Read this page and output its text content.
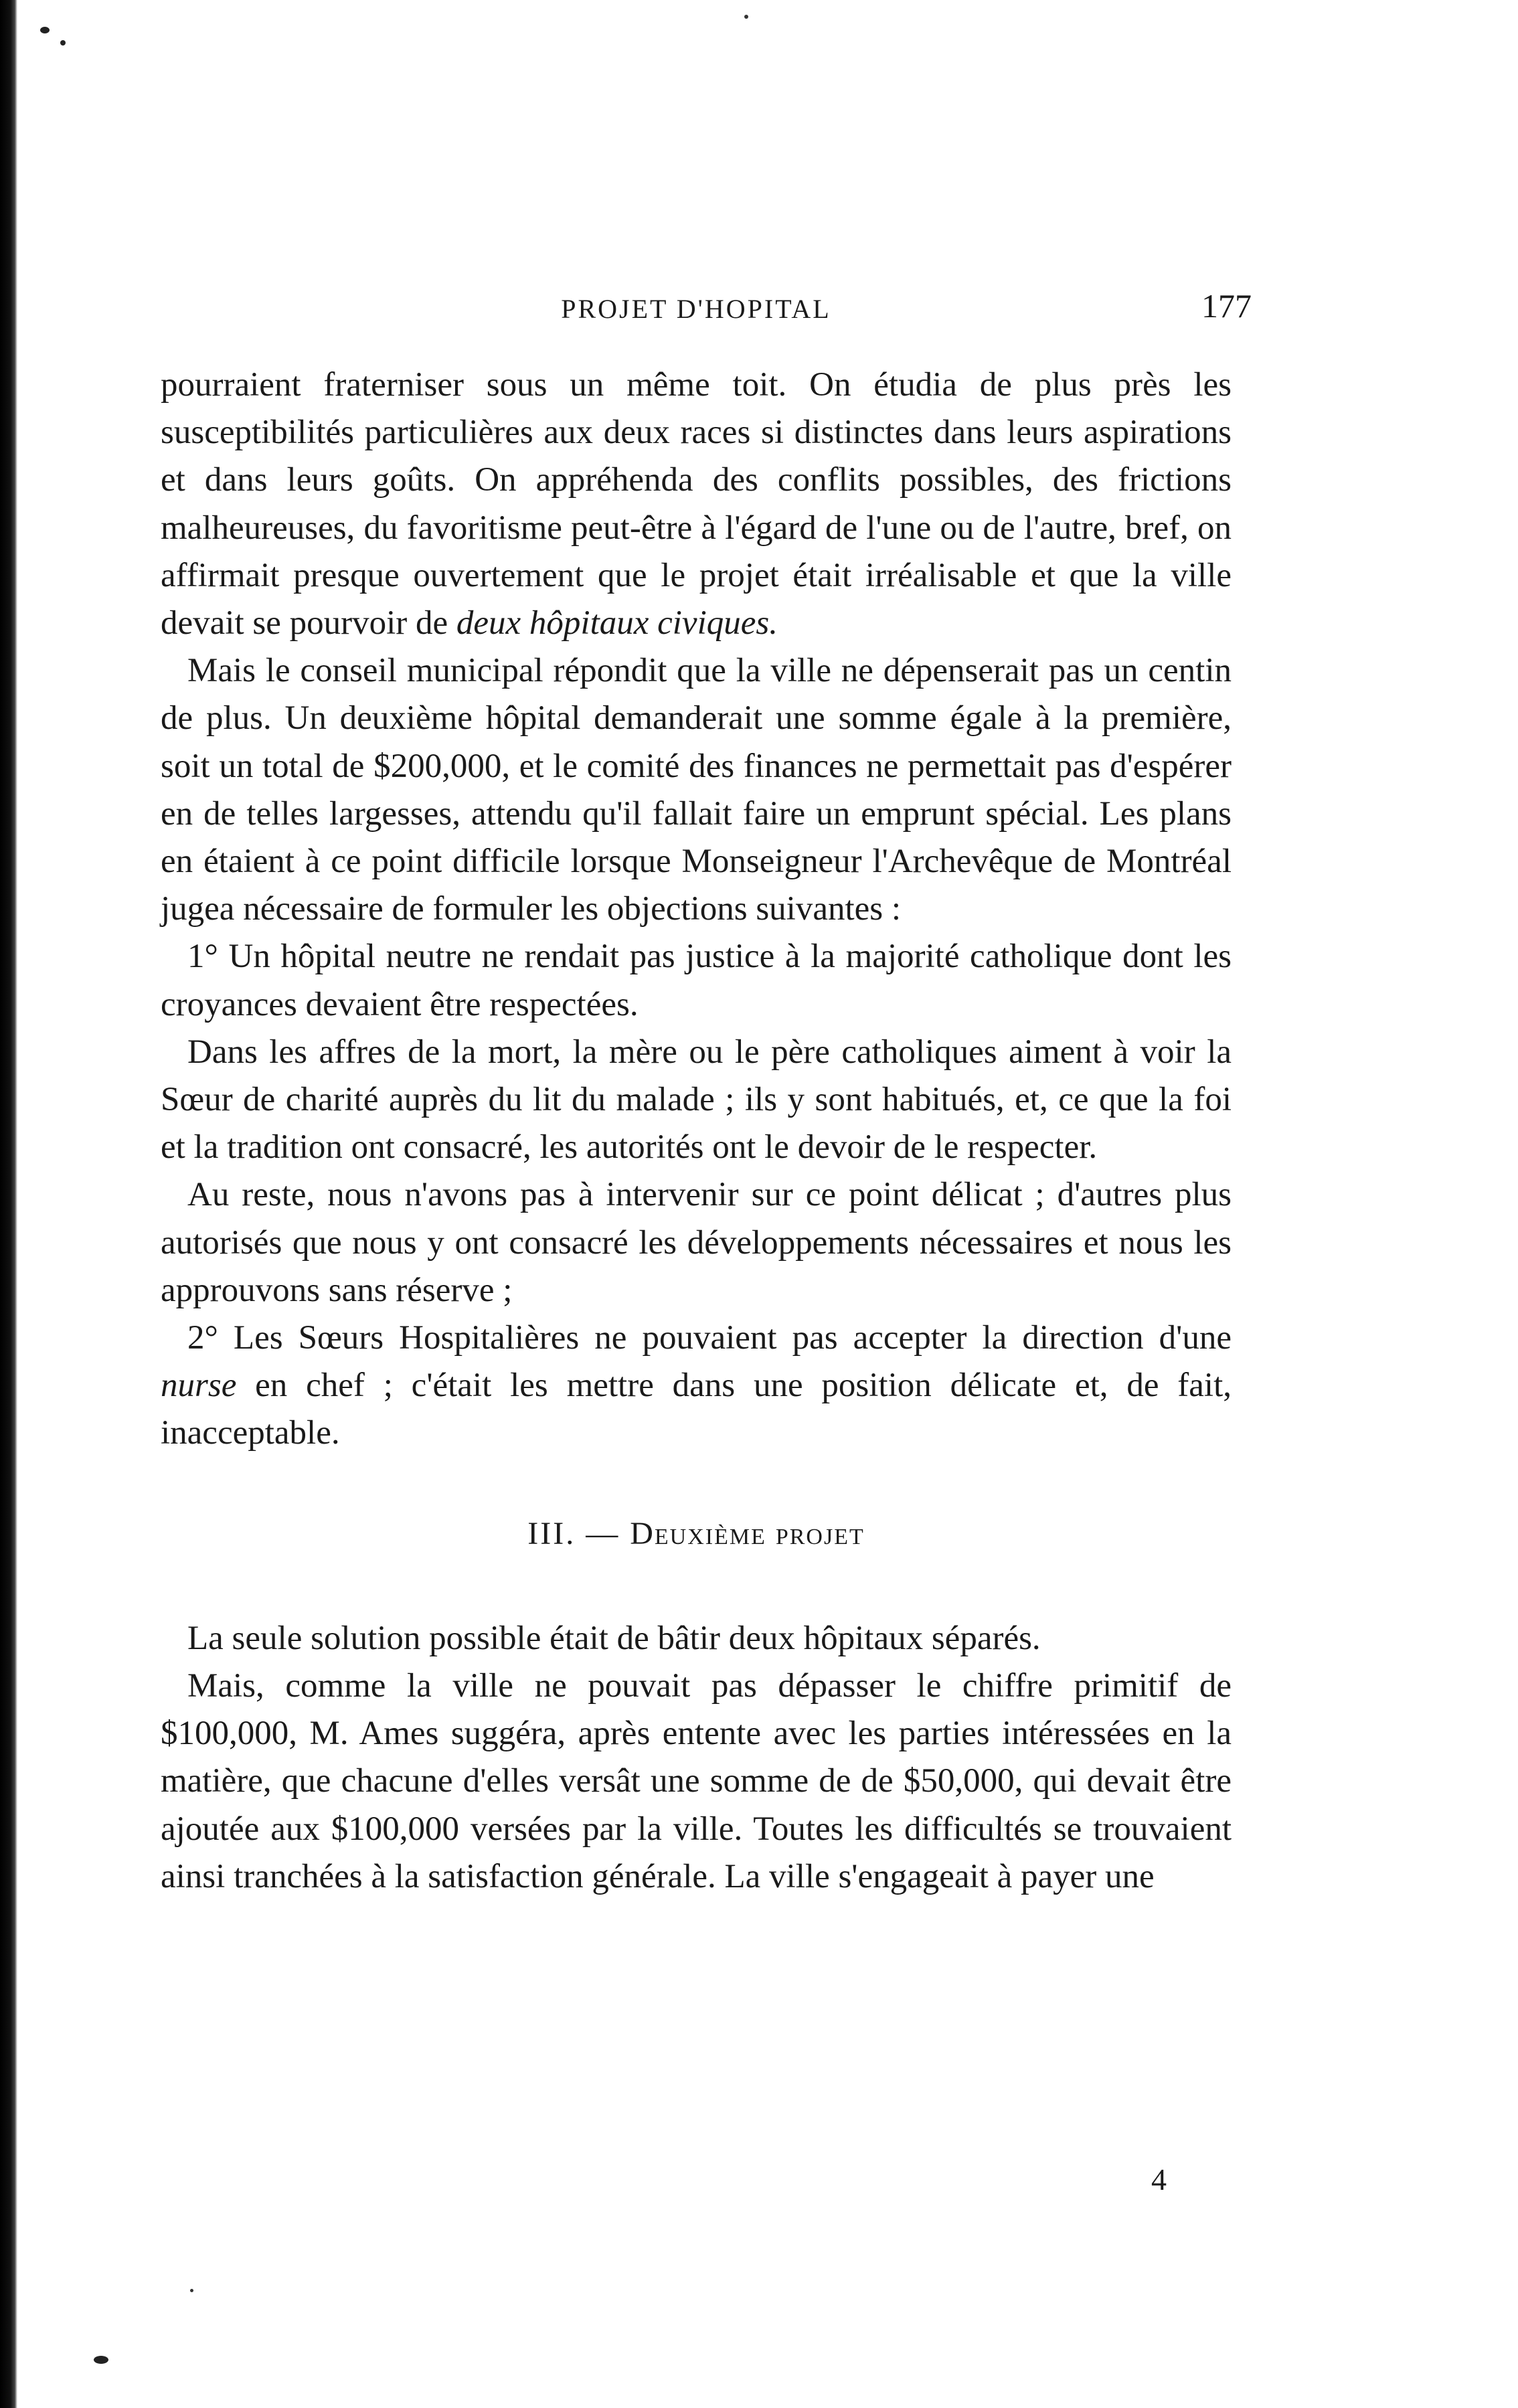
PROJET D'HOPITAL	177

pourraient fraterniser sous un même toit. On étudia de plus près les susceptibilités particulières aux deux races si distinctes dans leurs aspirations et dans leurs goûts. On appréhenda des conflits possibles, des frictions malheureuses, du favoritisme peut-être à l'égard de l'une ou de l'autre, bref, on affirmait presque ouvertement que le projet était irréalisable et que la ville devait se pourvoir de deux hôpitaux civiques.

Mais le conseil municipal répondit que la ville ne dépenserait pas un centin de plus. Un deuxième hôpital demanderait une somme égale à la première, soit un total de $200,000, et le comité des finances ne permettait pas d'espérer en de telles largesses, attendu qu'il fallait faire un emprunt spécial. Les plans en étaient à ce point difficile lorsque Monseigneur l'Archevêque de Montréal jugea nécessaire de formuler les objections suivantes :

1° Un hôpital neutre ne rendait pas justice à la majorité catholique dont les croyances devaient être respectées.

Dans les affres de la mort, la mère ou le père catholiques aiment à voir la Sœur de charité auprès du lit du malade ; ils y sont habitués, et, ce que la foi et la tradition ont consacré, les autorités ont le devoir de le respecter.

Au reste, nous n'avons pas à intervenir sur ce point délicat ; d'autres plus autorisés que nous y ont consacré les développements nécessaires et nous les approuvons sans réserve ;

2° Les Sœurs Hospitalières ne pouvaient pas accepter la direction d'une nurse en chef ; c'était les mettre dans une position délicate et, de fait, inacceptable.

III. — Deuxième projet

La seule solution possible était de bâtir deux hôpitaux séparés.

Mais, comme la ville ne pouvait pas dépasser le chiffre primitif de $100,000, M. Ames suggéra, après entente avec les parties intéressées en la matière, que chacune d'elles versât une somme de de $50,000, qui devait être ajoutée aux $100,000 versées par la ville. Toutes les difficultés se trouvaient ainsi tranchées à la satisfaction générale. La ville s'engageait à payer une

4
